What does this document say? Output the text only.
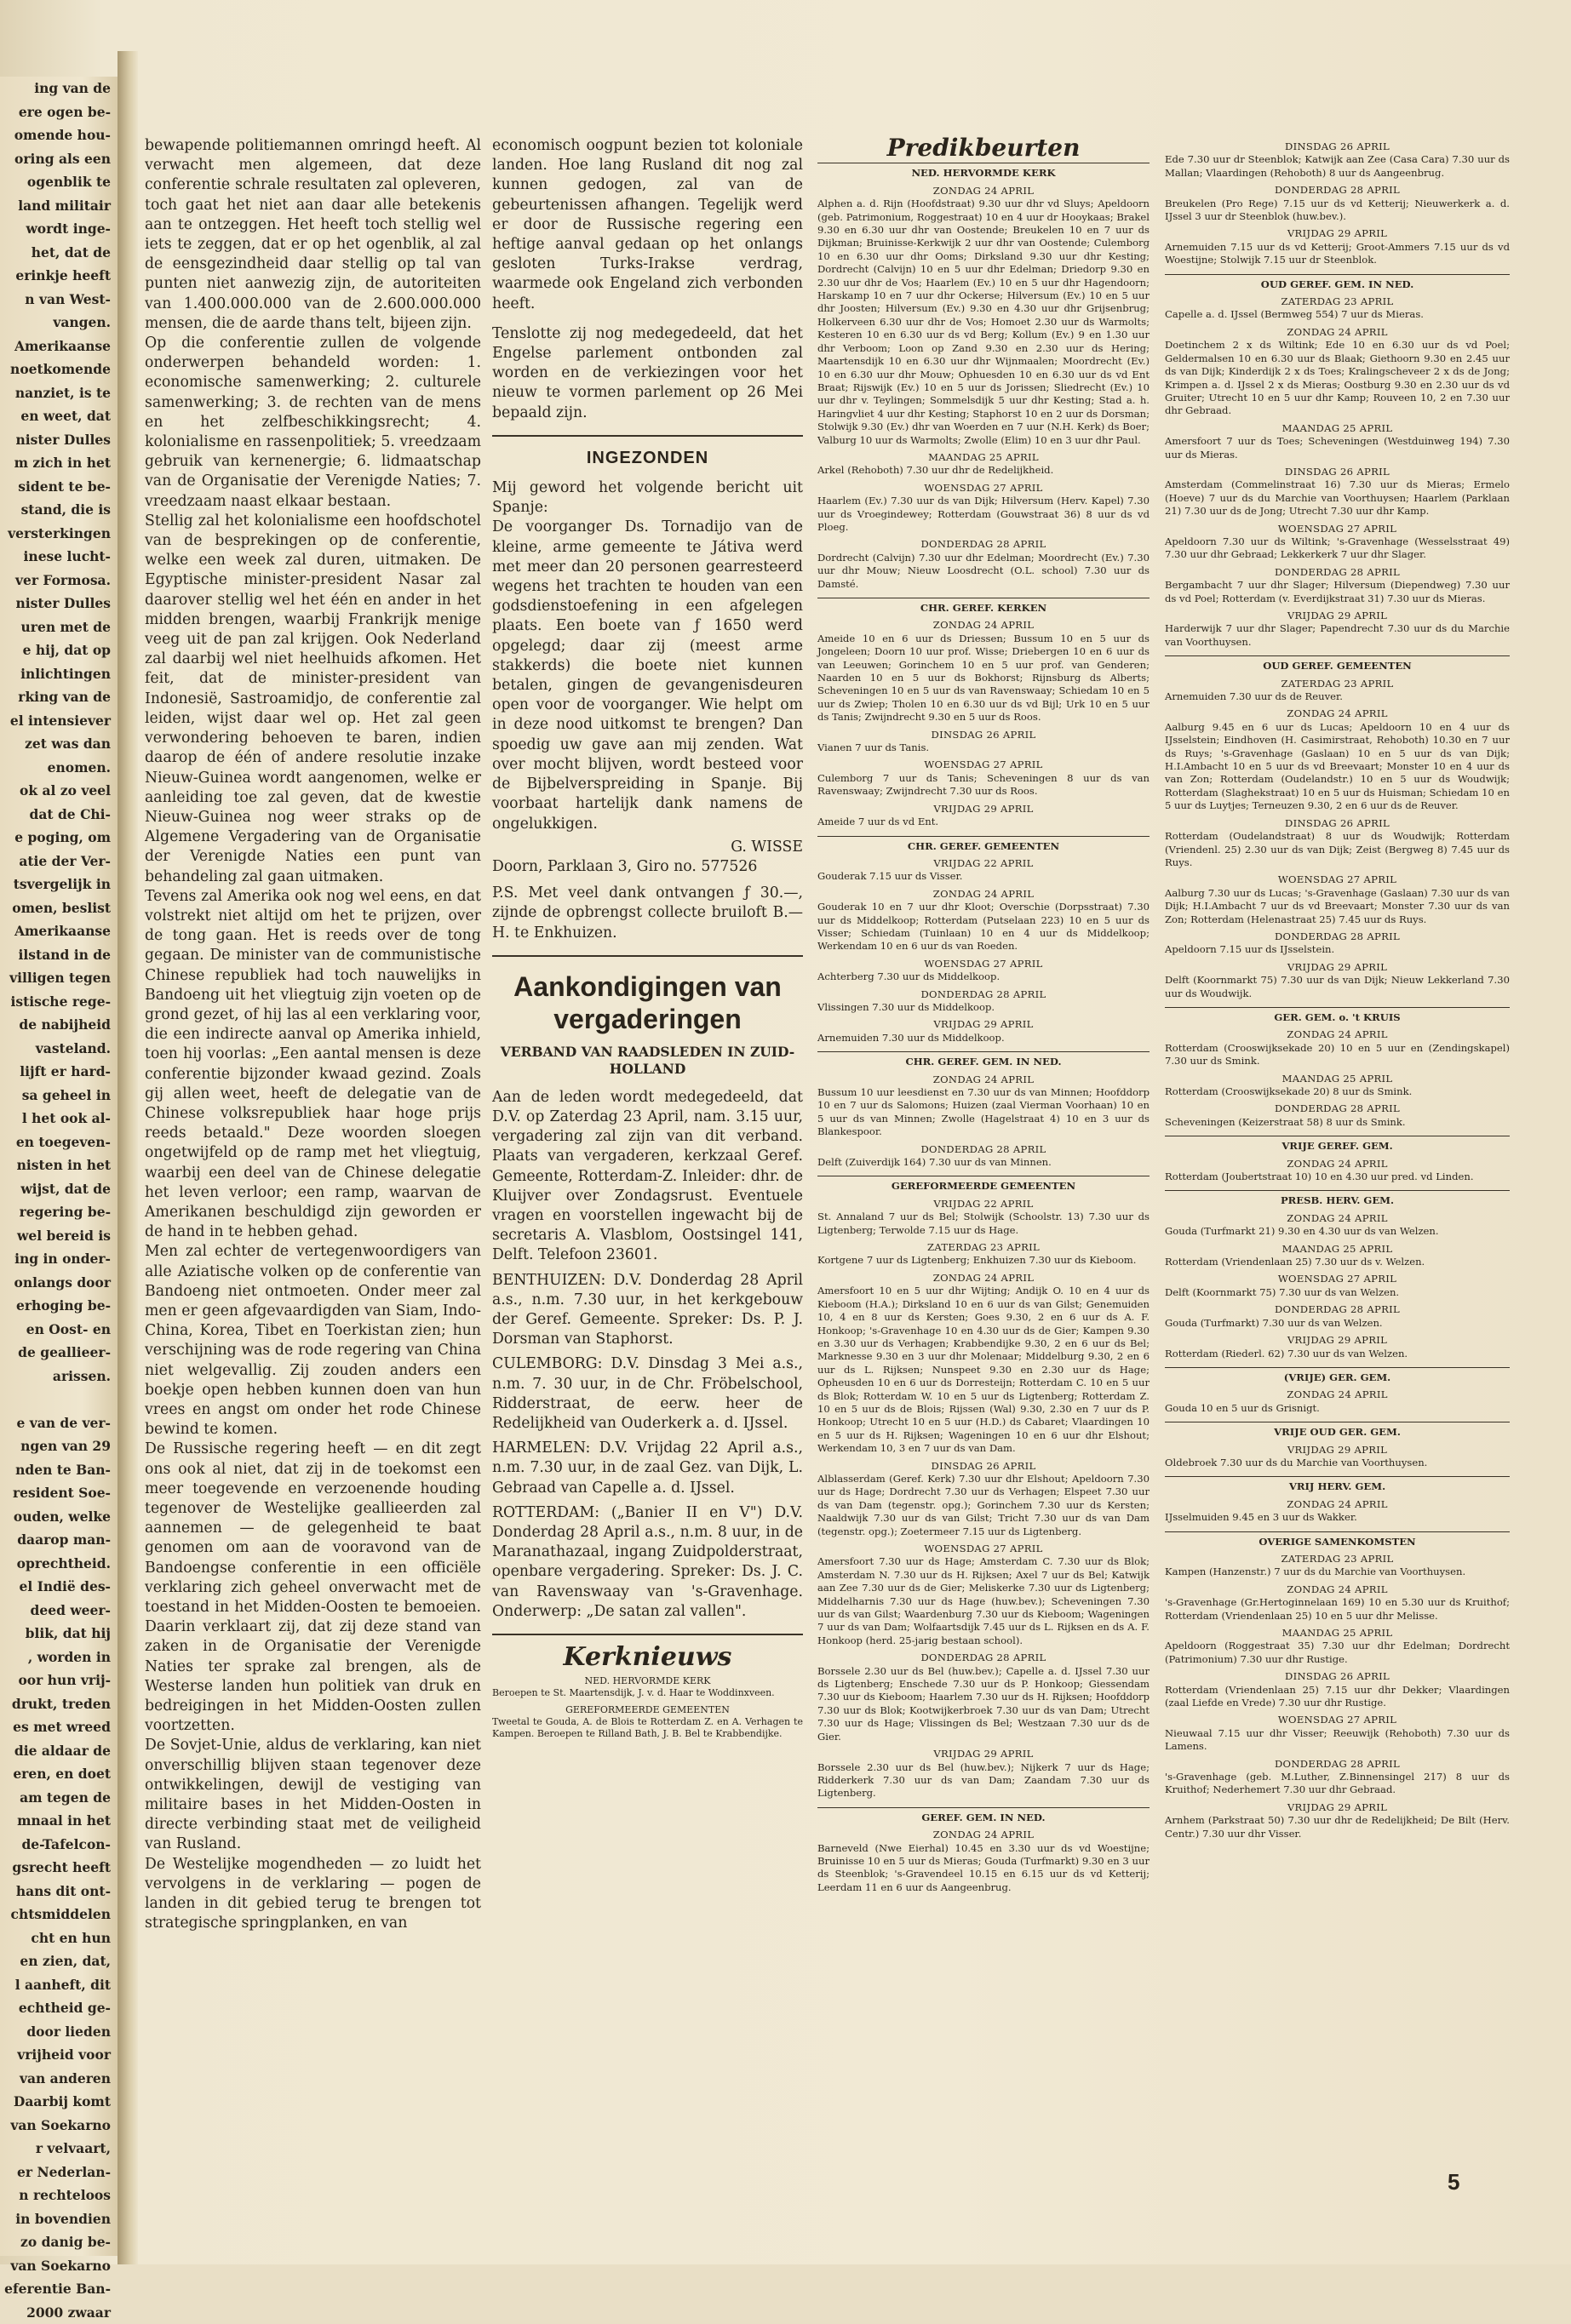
ing van de
ere ogen be-
omende hou-
oring als een
ogenblik te
land militair
wordt inge-
het, dat de
erinkje heeft
n van West-
vangen.
Amerikaanse
noetkomende
nanziet, is te
en weet, dat
nister Dulles
m zich in het
sident te be-
stand, die is
versterkingen
inese lucht-
ver Formosa.
nister Dulles
uren met de
e hij, dat op
inlichtingen
rking van de
el intensiever
zet was dan
enomen.
ok al zo veel
dat de Chi-
e poging, om
atie der Ver-
tsvergelijk in
omen, beslist
Amerikaanse
ilstand in de
villigen tegen
istische rege-
de nabijheid
vasteland.
lijft er hard-
sa geheel in
l het ook al-
en toegeven-
nisten in het
wijst, dat de
regering be-
wel bereid is
ing in onder-
onlangs door
erhoging be-
en Oost- en
de geallieer-
arissen.

e van de ver-
ngen van 29
nden te Ban-
resident Soe-
ouden, welke
daarop man-
oprechtheid.
el Indië des-
deed weer-
blik, dat hij
, worden in
oor hun vrij-
drukt, treden
es met wreed
die aldaar de
eren, en doet
am tegen de
mnaal in het
de-Tafelcon-
gsrecht heeft
hans dit ont-
chtsmiddelen
cht en hun
en zien, dat,
l aanheft, dit
echtheid ge-
door lieden
vrijheid voor
van anderen
Daarbij komt
van Soekarno
r velvaart,
er Nederlan-
n rechteloos
in bovendien
zo danig be-
van Soekarno
eferentie Ban-
2000 zwaar

bewapende politiemannen omringd heeft. Al verwacht men algemeen, dat deze conferentie schrale resultaten zal opleveren, toch gaat het niet aan daar alle betekenis aan te ontzeggen. Het heeft toch stellig wel iets te zeggen, dat er op het ogenblik, al zal de eensgezindheid daar stellig op tal van punten niet aanwezig zijn, de autoriteiten van 1.400.000.000 van de 2.600.000.000 mensen, die de aarde thans telt, bijeen zijn.

Op die conferentie zullen de volgende onderwerpen behandeld worden: 1. economische samenwerking; 2. culturele samenwerking; 3. de rechten van de mens en het zelfbeschikkingsrecht; 4. kolonialisme en rassenpolitiek; 5. vreedzaam gebruik van kernenergie; 6. lidmaatschap van de Organisatie der Verenigde Naties; 7. vreedzaam naast elkaar bestaan.

Stellig zal het kolonialisme een hoofdschotel van de besprekingen op de conferentie, welke een week zal duren, uitmaken. De Egyptische minister-president Nasar zal daarover stellig wel het één en ander in het midden brengen, waarbij Frankrijk menige veeg uit de pan zal krijgen. Ook Nederland zal daarbij wel niet heelhuids afkomen. Het feit, dat de minister-president van Indonesië, Sastroamidjo, de conferentie zal leiden, wijst daar wel op. Het zal geen verwondering behoeven te baren, indien daarop de één of andere resolutie inzake Nieuw-Guinea wordt aangenomen, welke er aanleiding toe zal geven, dat de kwestie Nieuw-Guinea nog weer straks op de Algemene Vergadering van de Organisatie der Verenigde Naties een punt van behandeling zal gaan uitmaken.

Tevens zal Amerika ook nog wel eens, en dat volstrekt niet altijd om het te prijzen, over de tong gaan. Het is reeds over de tong gegaan. De minister van de communistische Chinese republiek had toch nauwelijks in Bandoeng uit het vliegtuig zijn voeten op de grond gezet, of hij las al een verklaring voor, die een indirecte aanval op Amerika inhield, toen hij voorlas: „Een aantal mensen is deze conferentie bijzonder kwaad gezind. Zoals gij allen weet, heeft de delegatie van de Chinese volksrepubliek haar hoge prijs reeds betaald." Deze woorden sloegen ongetwijfeld op de ramp met het vliegtuig, waarbij een deel van de Chinese delegatie het leven verloor; een ramp, waarvan de Amerikanen beschuldigd zijn geworden er de hand in te hebben gehad.

Men zal echter de vertegenwoordigers van alle Aziatische volken op de conferentie van Bandoeng niet ontmoeten. Onder meer zal men er geen afgevaardigden van Siam, Indo-China, Korea, Tibet en Toerkistan zien; hun verschijning was de rode regering van China niet welgevallig. Zij zouden anders een boekje open hebben kunnen doen van hun vrees en angst om onder het rode Chinese bewind te komen.

De Russische regering heeft — en dit zegt ons ook al niet, dat zij in de toekomst een meer toegevende en verzoenende houding tegenover de Westelijke geallieerden zal aannemen — de gelegenheid te baat genomen om aan de vooravond van de Bandoengse conferentie in een officiële verklaring zich geheel onverwacht met de toestand in het Midden-Oosten te bemoeien. Daarin verklaart zij, dat zij deze stand van zaken in de Organisatie der Verenigde Naties ter sprake zal brengen, als de Westerse landen hun politiek van druk en bedreigingen in het Midden-Oosten zullen voortzetten.

De Sovjet-Unie, aldus de verklaring, kan niet onverschillig blijven staan tegenover deze ontwikkelingen, dewijl de vestiging van militaire bases in het Midden-Oosten in directe verbinding staat met de veiligheid van Rusland.

De Westelijke mogendheden — zo luidt het vervolgens in de verklaring — pogen de landen in dit gebied terug te brengen tot strategische springplanken, en van

economisch oogpunt bezien tot koloniale landen. Hoe lang Rusland dit nog zal kunnen gedogen, zal van de gebeurtenissen afhangen. Tegelijk werd er door de Russische regering een heftige aanval gedaan op het onlangs gesloten Turks-Irakse verdrag, waarmede ook Engeland zich verbonden heeft.

Tenslotte zij nog medegedeeld, dat het Engelse parlement ontbonden zal worden en de verkiezingen voor het nieuw te vormen parlement op 26 Mei bepaald zijn.

INGEZONDEN

Mij geword het volgende bericht uit Spanje:

De voorganger Ds. Tornadijo van de kleine, arme gemeente te Játiva werd met meer dan 20 personen gearresteerd wegens het trachten te houden van een godsdienstoefening in een afgelegen plaats. Een boete van ƒ 1650 werd opgelegd; daar zij (meest arme stakkerds) die boete niet kunnen betalen, gingen de gevangenisdeuren open voor de voorganger. Wie helpt om in deze nood uitkomst te brengen? Dan spoedig uw gave aan mij zenden. Wat over mocht blijven, wordt besteed voor de Bijbelverspreiding in Spanje. Bij voorbaat hartelijk dank namens de ongelukkigen.

G. WISSE

Doorn, Parklaan 3, Giro no. 577526

P.S. Met veel dank ontvangen ƒ 30.—, zijnde de opbrengst collecte bruiloft B.—H. te Enkhuizen.

Aankondigingen van vergaderingen
VERBAND VAN RAADSLEDEN IN ZUID-HOLLAND

Aan de leden wordt medegedeeld, dat D.V. op Zaterdag 23 April, nam. 3.15 uur, vergadering zal zijn van dit verband. Plaats van vergaderen, kerkzaal Geref. Gemeente, Rotterdam-Z. Inleider: dhr. de Kluijver over Zondagsrust. Eventuele vragen en voorstellen ingewacht bij de secretaris A. Vlasblom, Oostsingel 141, Delft. Telefoon 23601.

BENTHUIZEN: D.V. Donderdag 28 April a.s., n.m. 7.30 uur, in het kerkgebouw der Geref. Gemeente. Spreker: Ds. P. J. Dorsman van Staphorst.
CULEMBORG: D.V. Dinsdag 3 Mei a.s., n.m. 7. 30 uur, in de Chr. Fröbelschool, Ridderstraat, de eerw. heer de Redelijkheid van Ouderkerk a. d. IJssel.
HARMELEN: D.V. Vrijdag 22 April a.s., n.m. 7.30 uur, in de zaal Gez. van Dijk, L. Gebraad van Capelle a. d. IJssel.
ROTTERDAM: („Banier II en V") D.V. Donderdag 28 April a.s., n.m. 8 uur, in de Maranathazaal, ingang Zuidpolderstraat, openbare vergadering. Spreker: Ds. J. C. van Ravenswaay van 's-Gravenhage. Onderwerp: „De satan zal vallen".
Kerknieuws
NED. HERVORMDE KERK

Beroepen te St. Maartensdijk, J. v. d. Haar te Woddinxveen.

GEREFORMEERDE GEMEENTEN

Tweetal te Gouda, A. de Blois te Rotterdam Z. en A. Verhagen te Kampen. Beroepen te Rilland Bath, J. B. Bel te Krabbendijke.

Predikbeurten
NED. HERVORMDE KERK
ZONDAG 24 APRIL

Alphen a. d. Rijn (Hoofdstraat) 9.30 uur dhr vd Sluys; Apeldoorn (geb. Patrimonium, Roggestraat) 10 en 4 uur dr Hooykaas; Brakel 9.30 en 6.30 uur dhr van Oostende; Breukelen 10 en 7 uur ds Dijkman; Bruinisse-Kerkwijk 2 uur dhr van Oostende; Culemborg 10 en 6.30 uur dhr Ooms; Dirksland 9.30 uur dhr Kesting; Dordrecht (Calvijn) 10 en 5 uur dhr Edelman; Driedorp 9.30 en 2.30 uur dhr de Vos; Haarlem (Ev.) 10 en 5 uur dhr Hagendoorn; Harskamp 10 en 7 uur dhr Ockerse; Hilversum (Ev.) 10 en 5 uur dhr Joosten; Hilversum (Ev.) 9.30 en 4.30 uur dhr Grijsenbrug; Holkerveen 6.30 uur dhr de Vos; Homoet 2.30 uur ds Warmolts; Kesteren 10 en 6.30 uur ds vd Berg; Kollum (Ev.) 9 en 1.30 uur dhr Verboom; Loon op Zand 9.30 en 2.30 uur ds Hering; Maartensdijk 10 en 6.30 uur dhr Wijnmaalen; Moordrecht (Ev.) 10 en 6.30 uur dhr Mouw; Ophuesden 10 en 6.30 uur ds vd Ent Braat; Rijswijk (Ev.) 10 en 5 uur ds Jorissen; Sliedrecht (Ev.) 10 uur dhr v. Teylingen; Sommelsdijk 5 uur dhr Kesting; Stad a. h. Haringvliet 4 uur dhr Kesting; Staphorst 10 en 2 uur ds Dorsman; Stolwijk 9.30 (Ev.) dhr van Woerden en 7 uur (N.H. Kerk) ds Boer; Valburg 10 uur ds Warmolts; Zwolle (Elim) 10 en 3 uur dhr Paul.

MAANDAG 25 APRIL

Arkel (Rehoboth) 7.30 uur dhr de Redelijkheid.

WOENSDAG 27 APRIL

Haarlem (Ev.) 7.30 uur ds van Dijk; Hilversum (Herv. Kapel) 7.30 uur ds Vroegindewey; Rotterdam (Gouwstraat 36) 8 uur ds vd Ploeg.

DONDERDAG 28 APRIL

Dordrecht (Calvijn) 7.30 uur dhr Edelman; Moordrecht (Ev.) 7.30 uur dhr Mouw; Nieuw Loosdrecht (O.L. school) 7.30 uur ds Damsté.

CHR. GEREF. KERKEN
ZONDAG 24 APRIL

Ameide 10 en 6 uur ds Driessen; Bussum 10 en 5 uur ds Jongeleen; Doorn 10 uur prof. Wisse; Driebergen 10 en 6 uur ds van Leeuwen; Gorinchem 10 en 5 uur prof. van Genderen; Naarden 10 en 5 uur ds Bokhorst; Rijnsburg ds Alberts; Scheveningen 10 en 5 uur ds van Ravenswaay; Schiedam 10 en 5 uur ds Zwiep; Tholen 10 en 6.30 uur ds vd Bijl; Urk 10 en 5 uur ds Tanis; Zwijndrecht 9.30 en 5 uur ds Roos.

DINSDAG 26 APRIL

Vianen 7 uur ds Tanis.

WOENSDAG 27 APRIL

Culemborg 7 uur ds Tanis; Scheveningen 8 uur ds van Ravenswaay; Zwijndrecht 7.30 uur ds Roos.

VRIJDAG 29 APRIL

Ameide 7 uur ds vd Ent.

CHR. GEREF. GEMEENTEN
VRIJDAG 22 APRIL

Gouderak 7.15 uur ds Visser.

ZONDAG 24 APRIL

Gouderak 10 en 7 uur dhr Kloot; Overschie (Dorpsstraat) 7.30 uur ds Middelkoop; Rotterdam (Putselaan 223) 10 en 5 uur ds Visser; Schiedam (Tuinlaan) 10 en 4 uur ds Middelkoop; Werkendam 10 en 6 uur ds van Roeden.

WOENSDAG 27 APRIL

Achterberg 7.30 uur ds Middelkoop.

DONDERDAG 28 APRIL

Vlissingen 7.30 uur ds Middelkoop.

VRIJDAG 29 APRIL

Arnemuiden 7.30 uur ds Middelkoop.

CHR. GEREF. GEM. IN NED.
ZONDAG 24 APRIL

Bussum 10 uur leesdienst en 7.30 uur ds van Minnen; Hoofddorp 10 en 7 uur ds Salomons; Huizen (zaal Vierman Voorhaan) 10 en 5 uur ds van Minnen; Zwolle (Hagelstraat 4) 10 en 3 uur ds Blankespoor.

DONDERDAG 28 APRIL

Delft (Zuiverdijk 164) 7.30 uur ds van Minnen.

GEREFORMEERDE GEMEENTEN
VRIJDAG 22 APRIL

St. Annaland 7 uur ds Bel; Stolwijk (Schoolstr. 13) 7.30 uur ds Ligtenberg; Terwolde 7.15 uur ds Hage.

ZATERDAG 23 APRIL

Kortgene 7 uur ds Ligtenberg; Enkhuizen 7.30 uur ds Kieboom.

ZONDAG 24 APRIL

Amersfoort 10 en 5 uur dhr Wijting; Andijk O. 10 en 4 uur ds Kieboom (H.A.); Dirksland 10 en 6 uur ds van Gilst; Genemuiden 10, 4 en 8 uur ds Kersten; Goes 9.30, 2 en 6 uur ds A. F. Honkoop; 's-Gravenhage 10 en 4.30 uur ds de Gier; Kampen 9.30 en 3.30 uur ds Verhagen; Krabbendijke 9.30, 2 en 6 uur ds Bel; Marknesse 9.30 en 3 uur dhr Molenaar; Middelburg 9.30, 2 en 6 uur ds L. Rijksen; Nunspeet 9.30 en 2.30 uur ds Hage; Opheusden 10 en 6 uur ds Dorresteijn; Rotterdam C. 10 en 5 uur ds Blok; Rotterdam W. 10 en 5 uur ds Ligtenberg; Rotterdam Z. 10 en 5 uur ds de Blois; Rijssen (Wal) 9.30, 2.30 en 7 uur ds P. Honkoop; Utrecht 10 en 5 uur (H.D.) ds Cabaret; Vlaardingen 10 en 5 uur ds H. Rijksen; Wageningen 10 en 6 uur dhr Elshout; Werkendam 10, 3 en 7 uur ds van Dam.

DINSDAG 26 APRIL

Alblasserdam (Geref. Kerk) 7.30 uur dhr Elshout; Apeldoorn 7.30 uur ds Hage; Dordrecht 7.30 uur ds Verhagen; Elspeet 7.30 uur ds van Dam (tegenstr. opg.); Gorinchem 7.30 uur ds Kersten; Naaldwijk 7.30 uur ds van Gilst; Tricht 7.30 uur ds van Dam (tegenstr. opg.); Zoetermeer 7.15 uur ds Ligtenberg.

WOENSDAG 27 APRIL

Amersfoort 7.30 uur ds Hage; Amsterdam C. 7.30 uur ds Blok; Amsterdam N. 7.30 uur ds H. Rijksen; Axel 7 uur ds Bel; Katwijk aan Zee 7.30 uur ds de Gier; Meliskerke 7.30 uur ds Ligtenberg; Middelharnis 7.30 uur ds Hage (huw.bev.); Scheveningen 7.30 uur ds van Gilst; Waardenburg 7.30 uur ds Kieboom; Wageningen 7 uur ds van Dam; Wolfaartsdijk 7.45 uur ds L. Rijksen en ds A. F. Honkoop (herd. 25-jarig bestaan school).

DONDERDAG 28 APRIL

Borssele 2.30 uur ds Bel (huw.bev.); Capelle a. d. IJssel 7.30 uur ds Ligtenberg; Enschede 7.30 uur ds P. Honkoop; Giessendam 7.30 uur ds Kieboom; Haarlem 7.30 uur ds H. Rijksen; Hoofddorp 7.30 uur ds Blok; Kootwijkerbroek 7.30 uur ds van Dam; Utrecht 7.30 uur ds Hage; Vlissingen ds Bel; Westzaan 7.30 uur ds de Gier.

VRIJDAG 29 APRIL

Borssele 2.30 uur ds Bel (huw.bev.); Nijkerk 7 uur ds Hage; Ridderkerk 7.30 uur ds van Dam; Zaandam 7.30 uur ds Ligtenberg.

GEREF. GEM. IN NED.
ZONDAG 24 APRIL

Barneveld (Nwe Eierhal) 10.45 en 3.30 uur ds vd Woestijne; Bruinisse 10 en 5 uur ds Mieras; Gouda (Turfmarkt) 9.30 en 3 uur ds Steenblok; 's-Gravendeel 10.15 en 6.15 uur ds vd Ketterij; Leerdam 11 en 6 uur ds Aangeenbrug.

DINSDAG 26 APRIL

Ede 7.30 uur dr Steenblok; Katwijk aan Zee (Casa Cara) 7.30 uur ds Mallan; Vlaardingen (Rehoboth) 8 uur ds Aangeenbrug.

DONDERDAG 28 APRIL

Breukelen (Pro Rege) 7.15 uur ds vd Ketterij; Nieuwerkerk a. d. IJssel 3 uur dr Steenblok (huw.bev.).

VRIJDAG 29 APRIL

Arnemuiden 7.15 uur ds vd Ketterij; Groot-Ammers 7.15 uur ds vd Woestijne; Stolwijk 7.15 uur dr Steenblok.

OUD GEREF. GEM. IN NED.
ZATERDAG 23 APRIL

Capelle a. d. IJssel (Bermweg 554) 7 uur ds Mieras.

ZONDAG 24 APRIL

Doetinchem 2 x ds Wiltink; Ede 10 en 6.30 uur ds vd Poel; Geldermalsen 10 en 6.30 uur ds Blaak; Giethoorn 9.30 en 2.45 uur ds van Dijk; Kinderdijk 2 x ds Toes; Kralingscheveer 2 x ds de Jong; Krimpen a. d. IJssel 2 x ds Mieras; Oostburg 9.30 en 2.30 uur ds vd Gruiter; Utrecht 10 en 5 uur dhr Kamp; Rouveen 10, 2 en 7.30 uur dhr Gebraad.

MAANDAG 25 APRIL

Amersfoort 7 uur ds Toes; Scheveningen (Westduinweg 194) 7.30 uur ds Mieras.

DINSDAG 26 APRIL

Amsterdam (Commelinstraat 16) 7.30 uur ds Mieras; Ermelo (Hoeve) 7 uur ds du Marchie van Voorthuysen; Haarlem (Parklaan 21) 7.30 uur ds de Jong; Utrecht 7.30 uur dhr Kamp.

WOENSDAG 27 APRIL

Apeldoorn 7.30 uur ds Wiltink; 's-Gravenhage (Wesselsstraat 49) 7.30 uur dhr Gebraad; Lekkerkerk 7 uur dhr Slager.

DONDERDAG 28 APRIL

Bergambacht 7 uur dhr Slager; Hilversum (Diependweg) 7.30 uur ds vd Poel; Rotterdam (v. Everdijkstraat 31) 7.30 uur ds Mieras.

VRIJDAG 29 APRIL

Harderwijk 7 uur dhr Slager; Papendrecht 7.30 uur ds du Marchie van Voorthuysen.

OUD GEREF. GEMEENTEN
ZATERDAG 23 APRIL

Arnemuiden 7.30 uur ds de Reuver.

ZONDAG 24 APRIL

Aalburg 9.45 en 6 uur ds Lucas; Apeldoorn 10 en 4 uur ds IJsselstein; Eindhoven (H. Casimirstraat, Rehoboth) 10.30 en 7 uur ds Ruys; 's-Gravenhage (Gaslaan) 10 en 5 uur ds van Dijk; H.I.Ambacht 10 en 5 uur ds vd Breevaart; Monster 10 en 4 uur ds van Zon; Rotterdam (Oudelandstr.) 10 en 5 uur ds Woudwijk; Rotterdam (Slaghekstraat) 10 en 5 uur ds Huisman; Schiedam 10 en 5 uur ds Luytjes; Terneuzen 9.30, 2 en 6 uur ds de Reuver.

DINSDAG 26 APRIL

Rotterdam (Oudelandstraat) 8 uur ds Woudwijk; Rotterdam (Vriendenl. 25) 2.30 uur ds van Dijk; Zeist (Bergweg 8) 7.45 uur ds Ruys.

WOENSDAG 27 APRIL

Aalburg 7.30 uur ds Lucas; 's-Gravenhage (Gaslaan) 7.30 uur ds van Dijk; H.I.Ambacht 7 uur ds vd Breevaart; Monster 7.30 uur ds van Zon; Rotterdam (Helenastraat 25) 7.45 uur ds Ruys.

DONDERDAG 28 APRIL

Apeldoorn 7.15 uur ds IJsselstein.

VRIJDAG 29 APRIL

Delft (Koornmarkt 75) 7.30 uur ds van Dijk; Nieuw Lekkerland 7.30 uur ds Woudwijk.

GER. GEM. o. 't KRUIS
ZONDAG 24 APRIL

Rotterdam (Crooswijksekade 20) 10 en 5 uur en (Zendingskapel) 7.30 uur ds Smink.

MAANDAG 25 APRIL

Rotterdam (Crooswijksekade 20) 8 uur ds Smink.

DONDERDAG 28 APRIL

Scheveningen (Keizerstraat 58) 8 uur ds Smink.

VRIJE GEREF. GEM.
ZONDAG 24 APRIL

Rotterdam (Joubertstraat 10) 10 en 4.30 uur pred. vd Linden.

PRESB. HERV. GEM.
ZONDAG 24 APRIL

Gouda (Turfmarkt 21) 9.30 en 4.30 uur ds van Welzen.

MAANDAG 25 APRIL

Rotterdam (Vriendenlaan 25) 7.30 uur ds v. Welzen.

WOENSDAG 27 APRIL

Delft (Koornmarkt 75) 7.30 uur ds van Welzen.

DONDERDAG 28 APRIL

Gouda (Turfmarkt) 7.30 uur ds van Welzen.

VRIJDAG 29 APRIL

Rotterdam (Riederl. 62) 7.30 uur ds van Welzen.

(VRIJE) GER. GEM.
ZONDAG 24 APRIL

Gouda 10 en 5 uur ds Grisnigt.

VRIJE OUD GER. GEM.
VRIJDAG 29 APRIL

Oldebroek 7.30 uur ds du Marchie van Voorthuysen.

VRIJ HERV. GEM.
ZONDAG 24 APRIL

IJsselmuiden 9.45 en 3 uur ds Wakker.

OVERIGE SAMENKOMSTEN
ZATERDAG 23 APRIL

Kampen (Hanzenstr.) 7 uur ds du Marchie van Voorthuysen.

ZONDAG 24 APRIL

's-Gravenhage (Gr.Hertoginnelaan 169) 10 en 5.30 uur ds Kruithof; Rotterdam (Vriendenlaan 25) 10 en 5 uur dhr Melisse.

MAANDAG 25 APRIL

Apeldoorn (Roggestraat 35) 7.30 uur dhr Edelman; Dordrecht (Patrimonium) 7.30 uur dhr Rustige.

DINSDAG 26 APRIL

Rotterdam (Vriendenlaan 25) 7.15 uur dhr Dekker; Vlaardingen (zaal Liefde en Vrede) 7.30 uur dhr Rustige.

WOENSDAG 27 APRIL

Nieuwaal 7.15 uur dhr Visser; Reeuwijk (Rehoboth) 7.30 uur ds Lamens.

DONDERDAG 28 APRIL

's-Gravenhage (geb. M.Luther, Z.Binnensingel 217) 8 uur ds Kruithof; Nederhemert 7.30 uur dhr Gebraad.

VRIJDAG 29 APRIL

Arnhem (Parkstraat 50) 7.30 uur dhr de Redelijkheid; De Bilt (Herv. Centr.) 7.30 uur dhr Visser.

5
